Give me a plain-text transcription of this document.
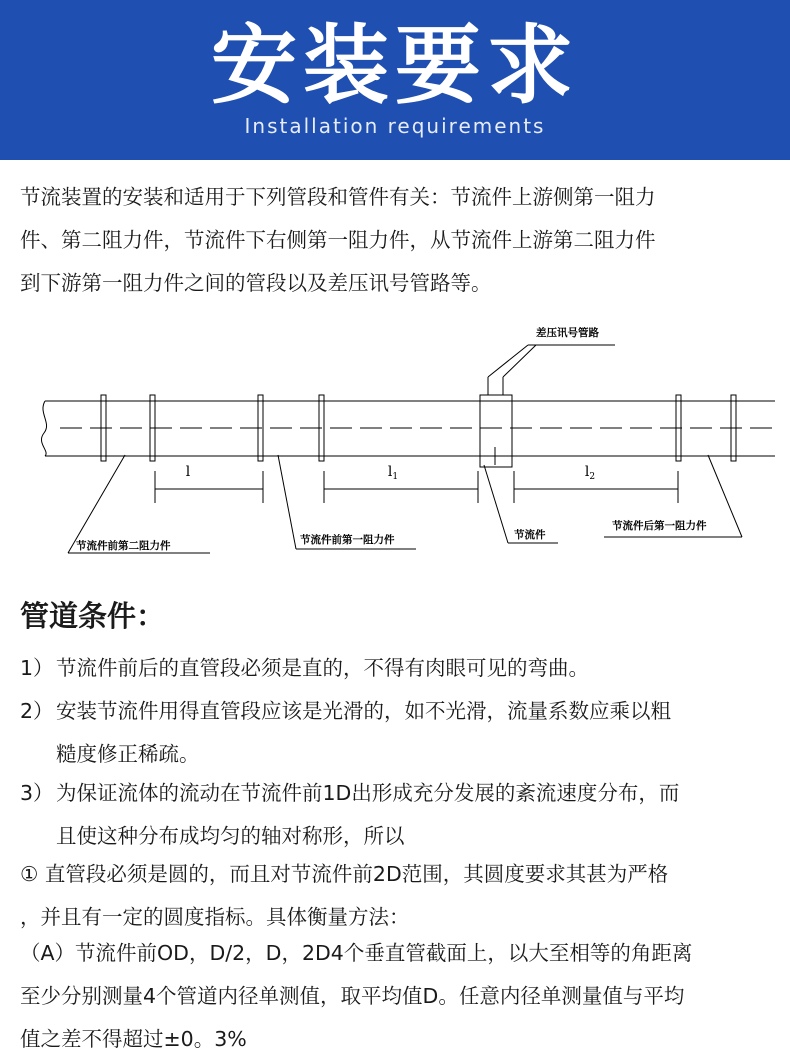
安装要求
Installation requirements
节流装置的安装和适用于下列管段和管件有关：节流件上游侧第一阻力
件、第二阻力件，节流件下右侧第一阻力件，从节流件上游第二阻力件
到下游第一阻力件之间的管段以及差压讯号管路等。
l	$l_1$	$l_2$
差压讯号管路
节流件前第二阻力件	节流件前第一阻力件	节流件
节流件后第一阻力件
管道条件：
1） 节流件前后的直管段必须是直的，不得有肉眼可见的弯曲。
2） 安装节流件用得直管段应该是光滑的，如不光滑，流量系数应乘以粗
糙度修正稀疏。
3） 为保证流体的流动在节流件前1D出形成充分发展的紊流速度分布，而
且使这种分布成均匀的轴对称形，所以
① 直管段必须是圆的，而且对节流件前2D范围，其圆度要求其甚为严格
，并且有一定的圆度指标。具体衡量方法：
（A）节流件前OD，D/2，D，2D4个垂直管截面上，以大至相等的角距离
至少分别测量4个管道内径单测值，取平均值D。任意内径单测量值与平均
值之差不得超过±0。3%
